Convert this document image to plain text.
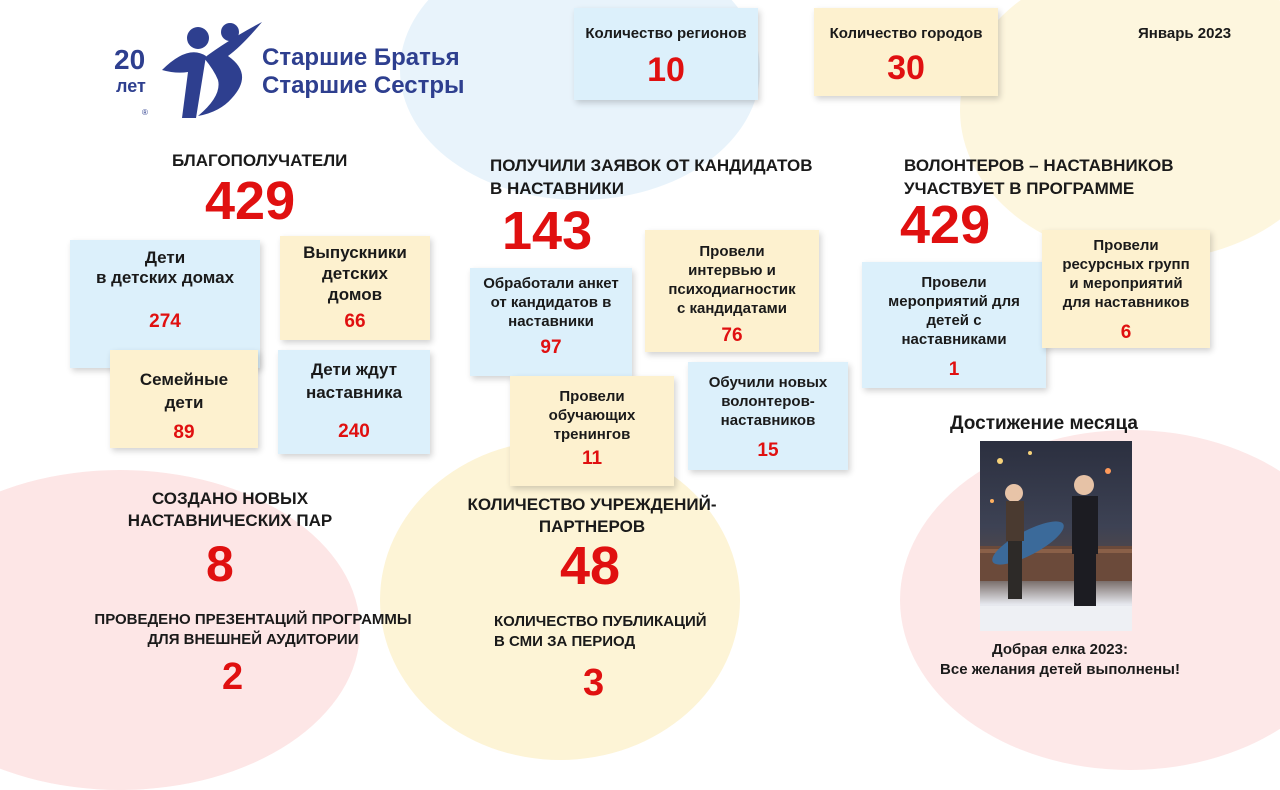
20
лет
®
Старшие Братья
Старшие Сестры
Январь 2023
Количество регионов
10
Количество городов
30
БЛАГОПОЛУЧАТЕЛИ
429
Дети
в детских домах
274
Выпускники
детских
домов
66
Семейные
дети
89
Дети ждут
наставника
240
ПОЛУЧИЛИ ЗАЯВОК ОТ КАНДИДАТОВ
В НАСТАВНИКИ
143
Обработали анкет
от кандидатов в
наставники
97
Провели
интервью и
психодиагностик
с кандидатами
76
Провели
обучающих
тренингов
11
Обучили новых
волонтеров-
наставников
15
ВОЛОНТЕРОВ – НАСТАВНИКОВ
УЧАСТВУЕТ В ПРОГРАММЕ
429
Провели
мероприятий для
детей с
наставниками
1
Провели
ресурсных групп
и мероприятий
для наставников
6
СОЗДАНО НОВЫХ
НАСТАВНИЧЕСКИХ ПАР
8
КОЛИЧЕСТВО УЧРЕЖДЕНИЙ-
ПАРТНЕРОВ
48
ПРОВЕДЕНО ПРЕЗЕНТАЦИЙ ПРОГРАММЫ
ДЛЯ ВНЕШНЕЙ АУДИТОРИИ
2
КОЛИЧЕСТВО ПУБЛИКАЦИЙ
В СМИ ЗА ПЕРИОД
3
Достижение месяца
Добрая елка 2023:
Все желания детей выполнены!
